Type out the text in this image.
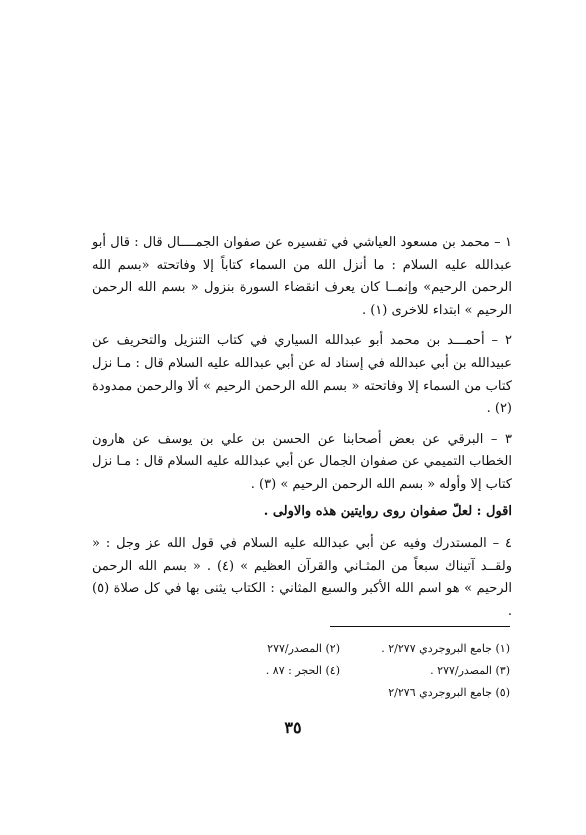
١ – محمد بن مسعود العياشي في تفسيره عن صفوان الجمــــال قال : قال أبو عبدالله عليه السلام : ما أنزل الله من السماء كتاباً إلا وفاتحته «بسم الله الرحمن الرحيم» وإنمــا كان يعرف انقضاء السورة بنزول « بسم الله الرحمن الرحيم » ابتداء للاخرى (١) .

٢ – أحمـــد بن محمد أبو عبدالله السياري في كتاب التنزيل والتحريف عن عبيدالله بن أبي عبدالله في إسناد له عن أبي عبدالله عليه السلام قال : مـا نزل كتاب من السماء إلا وفاتحته « بسم الله الرحمن الرحيم » ألا والرحمن ممدودة (٢) .

٣ – البرقي عن بعض أصحابنا عن الحسن بن علي بن يوسف عن هارون الخطاب التميمي عن صفوان الجمال عن أبي عبدالله عليه السلام قال : مـا نزل كتاب إلا وأوله « بسم الله الرحمن الرحيم » (٣) .

اقول : لعلّ صفوان روى روايتين هذه والاولى .

٤ – المستدرك وفيه عن أبي عبدالله عليه السلام في قول الله عز وجل : « ولقــد آتيناك سبعاً من المثـاني والقرآن العظيم » (٤) . « بسم الله الرحمن الرحيم » هو اسم الله الأكبر والسبع المثاني : الكتاب يثنى بها في كل صلاة (٥) .

(١) جامع البروجردي ٢/٢٧٧ .
(٢) المصدر/٢٧٧
(٣) المصدر/٢٧٧ .
(٤) الحجر : ٨٧ .
(٥) جامع البروجردي ٢/٢٧٦
٣٥
